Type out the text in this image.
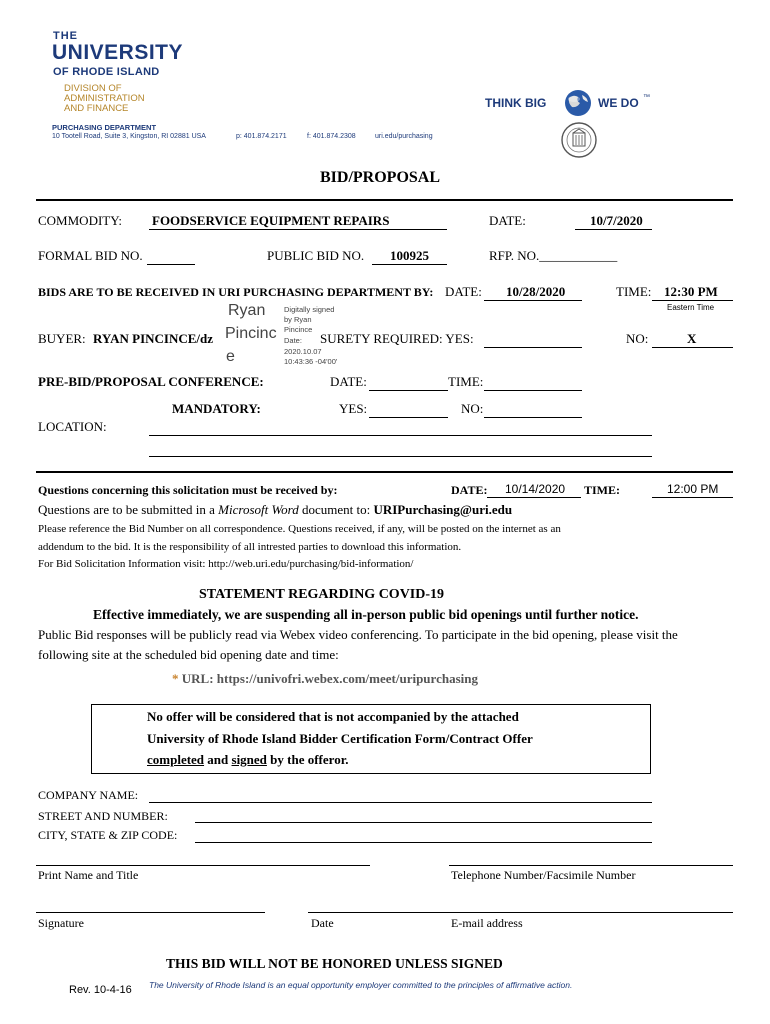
THE
UNIVERSITY
OF RHODE ISLAND
DIVISION OF
ADMINISTRATION
AND FINANCE
PURCHASING DEPARTMENT
10 Tootell Road, Suite 3, Kingston, RI 02881 USA	p: 401.874.2171	f: 401.874.2308	uri.edu/purchasing
THINK BIG	WE DO ™
BID/PROPOSAL
COMMODITY: FOODSERVICE EQUIPMENT REPAIRS	DATE:	10/7/2020
FORMAL BID NO.	PUBLIC BID NO. 100925	RFP. NO.____________
BIDS ARE TO BE RECEIVED IN URI PURCHASING DEPARTMENT BY: DATE: 10/28/2020	TIME: 12:30 PM
Eastern Time
BUYER: RYAN PINCINCE/dz
Ryan
Pincinc
e
Digitally signed
by Ryan
Pincince
Date:
2020.10.07
10:43:36 -04'00'
SURETY REQUIRED: YES:	NO:	X
PRE-BID/PROPOSAL CONFERENCE:	DATE:	TIME:
MANDATORY:	YES:	NO:
LOCATION:
Questions concerning this solicitation must be received by:	DATE: 10/14/2020 TIME:	12:00 PM
Questions are to be submitted in a Microsoft Word document to: URIPurchasing@uri.edu
Please reference the Bid Number on all correspondence. Questions received, if any, will be posted on the internet as an
addendum to the bid. It is the responsibility of all intrested parties to download this information.
For Bid Solicitation Information visit: http://web.uri.edu/purchasing/bid-information/
STATEMENT REGARDING COVID-19
Effective immediately, we are suspending all in-person public bid openings until further notice.
Public Bid responses will be publicly read via Webex video conferencing. To participate in the bid opening, please visit the
following site at the scheduled bid opening date and time:
* URL: https://univofri.webex.com/meet/uripurchasing
No offer will be considered that is not accompanied by the attached
University of Rhode Island Bidder Certification Form/Contract Offer
completed and signed by the offeror.
COMPANY NAME:
STREET AND NUMBER:
CITY, STATE & ZIP CODE:
Print Name and Title	Telephone Number/Facsimile Number
Signature	Date	E-mail address
THIS BID WILL NOT BE HONORED UNLESS SIGNED
Rev. 10-4-16 The University of Rhode Island is an equal opportunity employer committed to the principles of affirmative action.
